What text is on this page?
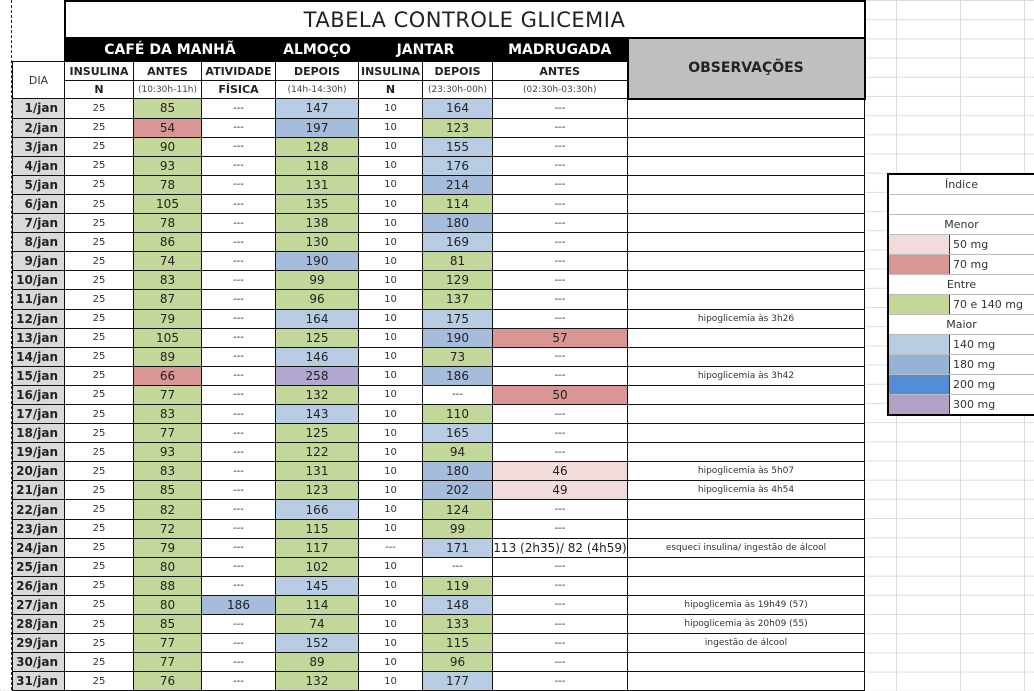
	TABELA CONTROLE GLICEMIA							
	CAFÉ DA MANHÃ			ALMOÇO	JANTAR		MADRUGADA	OBSERVAÇÕES
DIA	INSULINA	ANTES	ATIVIDADE	DEPOIS	INSULINA	DEPOIS	ANTES	
	N	(10:30h-11h)	FÍSICA	(14h-14:30h)	N	(23:30h-00h)	(02:30h-03:30h)	
1/jan	25	85	---	147	10	164	---	
2/jan	25	54	---	197	10	123	---	
3/jan	25	90	---	128	10	155	---	
4/jan	25	93	---	118	10	176	---	
5/jan	25	78	---	131	10	214	---	
6/jan	25	105	---	135	10	114	---	
7/jan	25	78	---	138	10	180	---	
8/jan	25	86	---	130	10	169	---	
9/jan	25	74	---	190	10	81	---	
10/jan	25	83	---	99	10	129	---	
11/jan	25	87	---	96	10	137	---	
12/jan	25	79	---	164	10	175	---	hipoglicemia às 3h26
13/jan	25	105	---	125	10	190	57	
14/jan	25	89	---	146	10	73	---	
15/jan	25	66	---	258	10	186	---	hipoglicemia às 3h42
16/jan	25	77	---	132	10	---	50	
17/jan	25	83	---	143	10	110	---	
18/jan	25	77	---	125	10	165	---	
19/jan	25	93	---	122	10	94	---	
20/jan	25	83	---	131	10	180	46	hipoglicemia às 5h07
21/jan	25	85	---	123	10	202	49	hipoglicemia às 4h54
22/jan	25	82	---	166	10	124	---	
23/jan	25	72	---	115	10	99	---	
24/jan	25	79	---	117	---	171	113 (2h35)/ 82 (4h59)	esqueci insulina/ ingestão de álcool
25/jan	25	80	---	102	10	---	---	
26/jan	25	88	---	145	10	119	---	
27/jan	25	80	186	114	10	148	---	hipoglicemia às 19h49 (57)
28/jan	25	85	---	74	10	133	---	hipoglicemia às 20h09 (55)
29/jan	25	77	---	152	10	115	---	ingestão de álcool
30/jan	25	77	---	89	10	96	---	
31/jan	25	76	---	132	10	177	---	
Índice
Menor
50 mg
70 mg
Entre
70 e 140 mg
Maior
140 mg
180 mg
200 mg
300 mg
